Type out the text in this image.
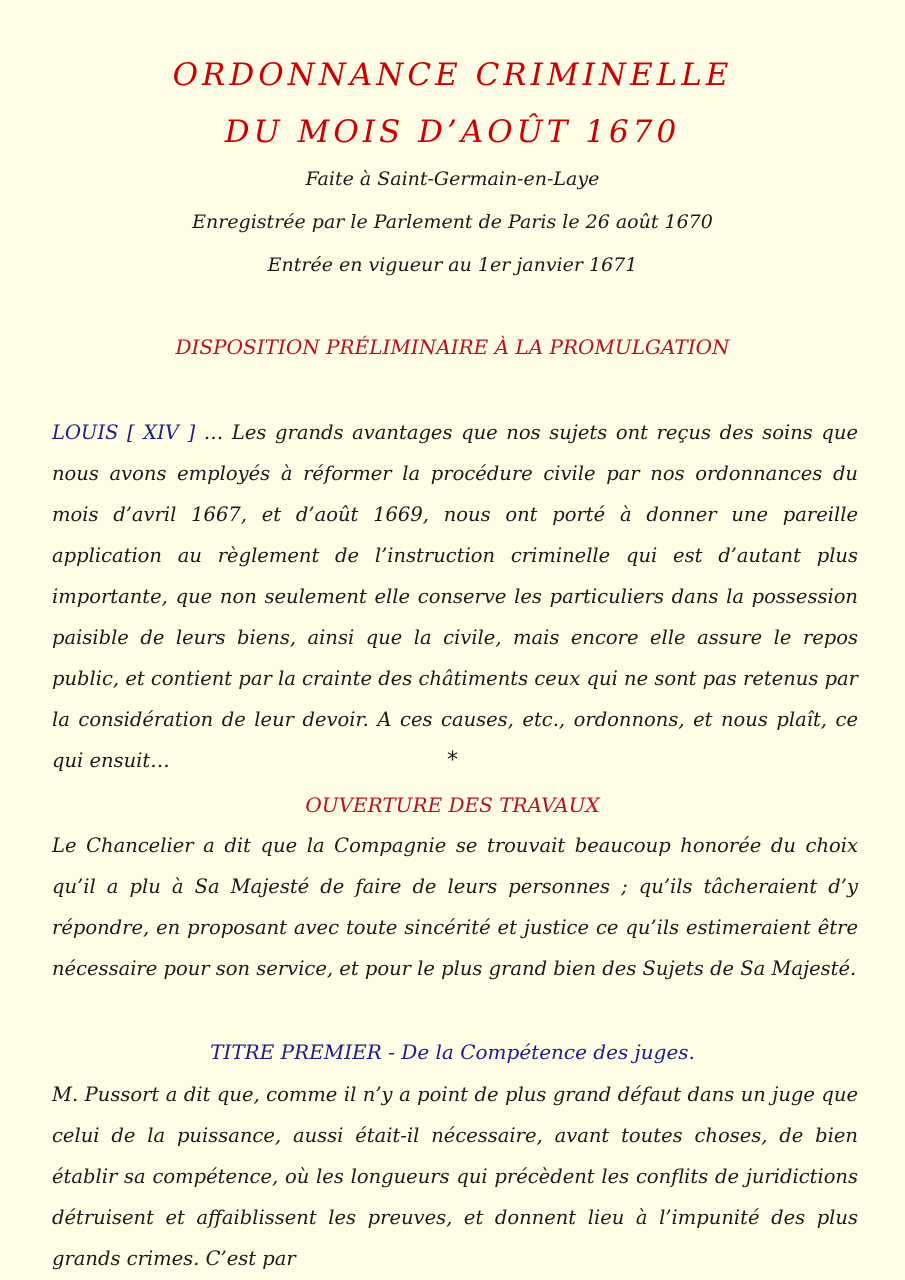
ORDONNANCE CRIMINELLE
DU MOIS D’AOÛT 1670
Faite à Saint-Germain-en-Laye
Enregistrée par le Parlement de Paris le 26 août 1670
Entrée en vigueur au 1er janvier 1671
DISPOSITION PRÉLIMINAIRE À LA PROMULGATION
LOUIS [ XIV ] … Les grands avantages que nos sujets ont reçus des soins que nous avons employés à réformer la procédure civile par nos ordonnances du mois d’avril 1667, et d’août 1669, nous ont porté à donner une pareille application au règlement de l’instruction criminelle qui est d’autant plus importante, que non seulement elle conserve les particuliers dans la possession paisible de leurs biens, ainsi que la civile, mais encore elle assure le repos public, et contient par la crainte des châtiments ceux qui ne sont pas retenus par la considération de leur devoir. A ces causes, etc., ordonnons, et nous plaît, ce qui ensuit…	*
OUVERTURE DES TRAVAUX
Le Chancelier a dit que la Compagnie se trouvait beaucoup honorée du choix qu’il a plu à Sa Majesté de faire de leurs personnes ; qu’ils tâcheraient d’y répondre, en proposant avec toute sincérité et justice ce qu’ils estimeraient être nécessaire pour son service, et pour le plus grand bien des Sujets de Sa Majesté.
TITRE PREMIER - De la Compétence des juges.
M. Pussort a dit que, comme il n’y a point de plus grand défaut dans un juge que celui de la puissance, aussi était-il nécessaire, avant toutes choses, de bien établir sa compétence, où les longueurs qui précèdent les conflits de juridictions détruisent et affaiblissent les preuves, et donnent lieu à l’impunité des plus grands crimes. C’est par
